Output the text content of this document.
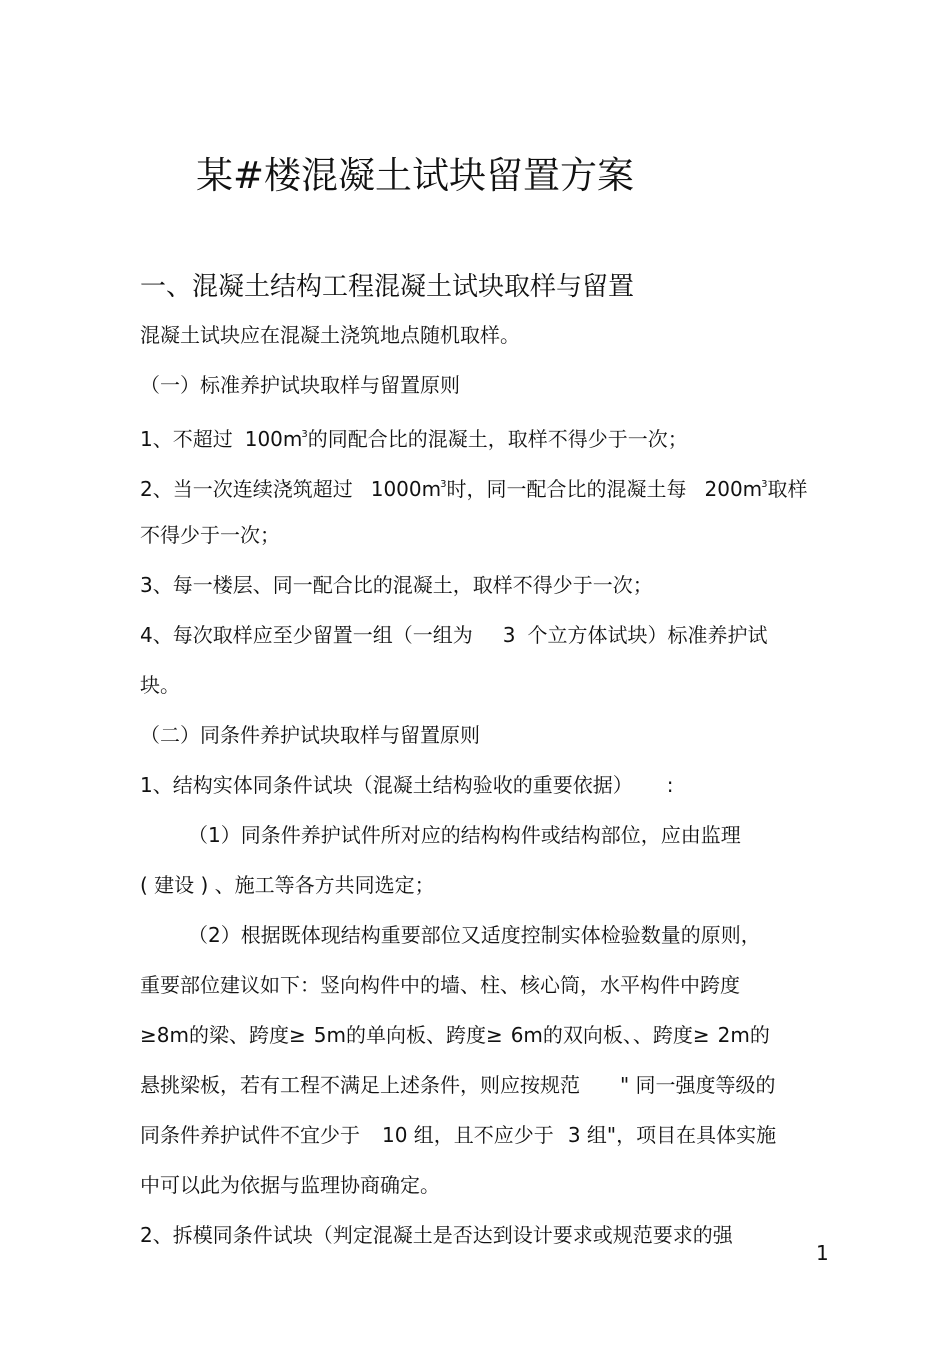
某#楼混凝土试块留置方案
一、混凝土结构工程混凝土试块取样与留置
混凝土试块应在混凝土浇筑地点随机取样。
（一）标准养护试块取样与留置原则
1、不超过 $100m^3$的同配合比的混凝土，取样不得少于一次；
2、当一次连续浇筑超过 $1000m^3$时，同一配合比的混凝土每 $200m^3$取样
不得少于一次；
3、每一楼层、同一配合比的混凝土，取样不得少于一次；
4、每次取样应至少留置一组（一组为 3 个立方体试块）标准养护试
块。
（二）同条件养护试块取样与留置原则
1、结构实体同条件试块（混凝土结构验收的重要依据） :
（1）同条件养护试件所对应的结构构件或结构部位，应由监理
( 建设 ) 、施工等各方共同选定；
（2）根据既体现结构重要部位又适度控制实体检验数量的原则，
重要部位建议如下：竖向构件中的墙、柱、核心筒，水平构件中跨度
≥8m的梁、跨度≥ 5m的单向板、跨度≥ 6m的双向板、、跨度≥ 2m的
悬挑梁板，若有工程不满足上述条件，则应按规范 " 同一强度等级的
同条件养护试件不宜少于 10 组，且不应少于 3 组"，项目在具体实施
中可以此为依据与监理协商确定。
2、拆模同条件试块（判定混凝土是否达到设计要求或规范要求的强
1
